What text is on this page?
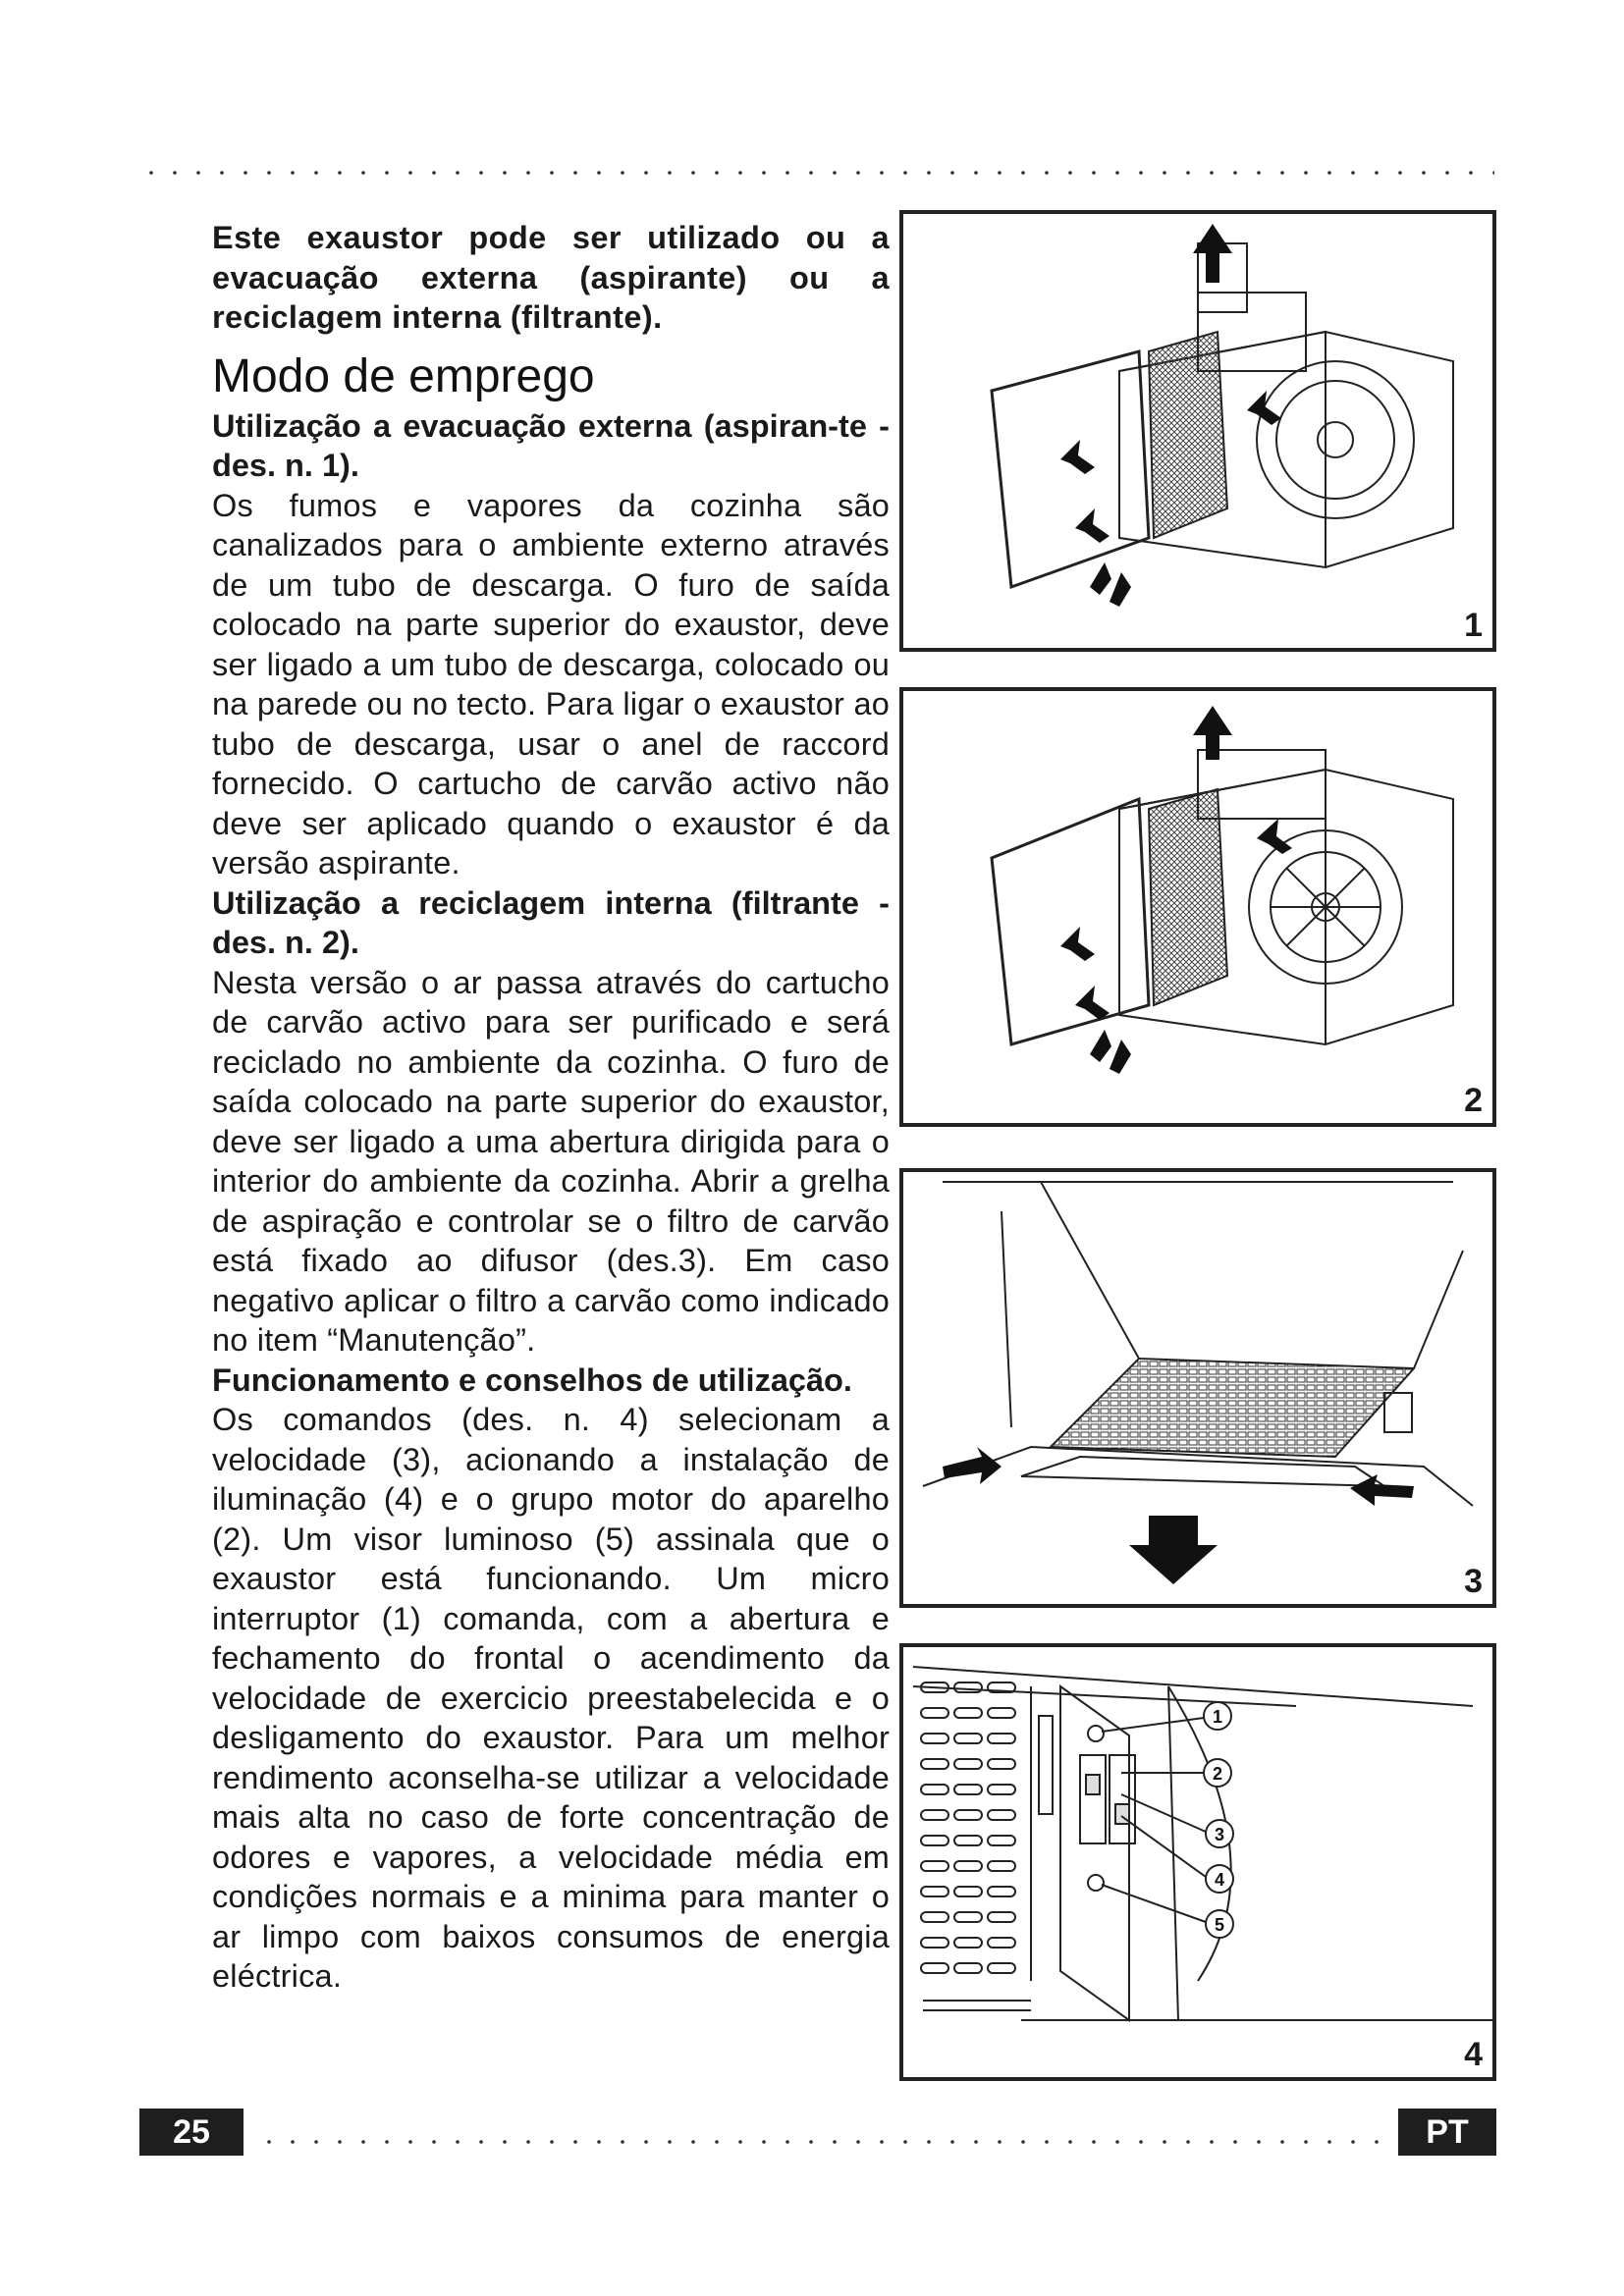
Este exaustor pode ser utilizado ou a evacuação externa (aspirante) ou a reciclagem interna (filtrante).

Modo de emprego

Utilização a evacuação externa (aspiran-te - des. n. 1).

Os fumos e vapores da cozinha são canalizados para o ambiente externo através de um tubo de descarga. O furo de saída colocado na parte superior do exaustor, deve ser ligado a um tubo de descarga, colocado ou na parede ou no tecto. Para ligar o exaustor ao tubo de descarga, usar o anel de raccord fornecido. O cartucho de carvão activo não deve ser aplicado quando o exaustor é da versão aspirante.

Utilização a reciclagem interna (filtrante - des. n. 2).

Nesta versão o ar passa através do cartucho de carvão activo para ser purificado e será reciclado no ambiente da cozinha. O furo de saída colocado na parte superior do exaustor, deve ser ligado a uma abertura dirigida para o interior do ambiente da cozinha. Abrir a grelha de aspiração e controlar se o filtro de carvão está fixado ao difusor (des.3). Em caso negativo aplicar o filtro a carvão como indicado no item “Manutenção”.

Funcionamento e conselhos de utilização.

Os comandos (des. n. 4) selecionam a velocidade (3), acionando a instalação de iluminação (4) e o grupo motor do aparelho (2). Um visor luminoso (5) assinala que o exaustor está funcionando. Um micro interruptor (1) comanda, com a abertura e fechamento do frontal o acendimento da velocidade de exercicio preestabelecida e o desligamento do exaustor. Para um melhor rendimento aconselha-se utilizar a velocidade mais alta no caso de forte concentração de odores e vapores, a velocidade média em condições normais e a minima para manter o ar limpo com baixos consumos de energia eléctrica.

1
2
3
1
2
3
4
5
4
25	PT
